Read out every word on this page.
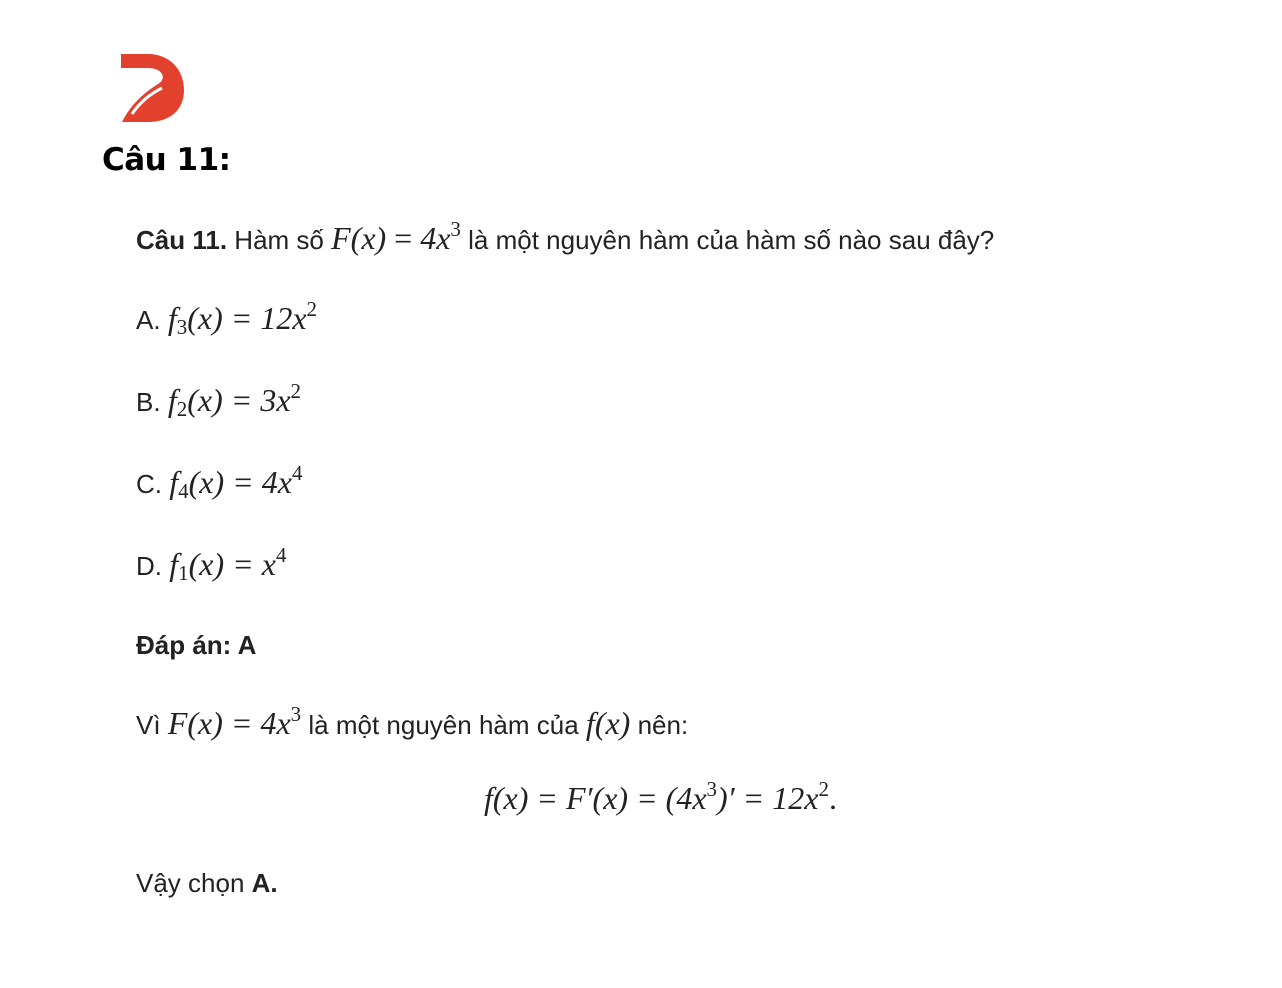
Câu 11:
Câu 11. Hàm số $F(x) = 4x^3$ là một nguyên hàm của hàm số nào sau đây?
A. $f_3(x) = 12x^2$
B. $f_2(x) = 3x^2$
C. $f_4(x) = 4x^4$
D. $f_1(x) = x^4$
Đáp án: A
Vì $F(x) = 4x^3$ là một nguyên hàm của f(x) nên:
$f(x) = F'(x) = (4x^3)' = 12x^2$.
Vậy chọn A.
